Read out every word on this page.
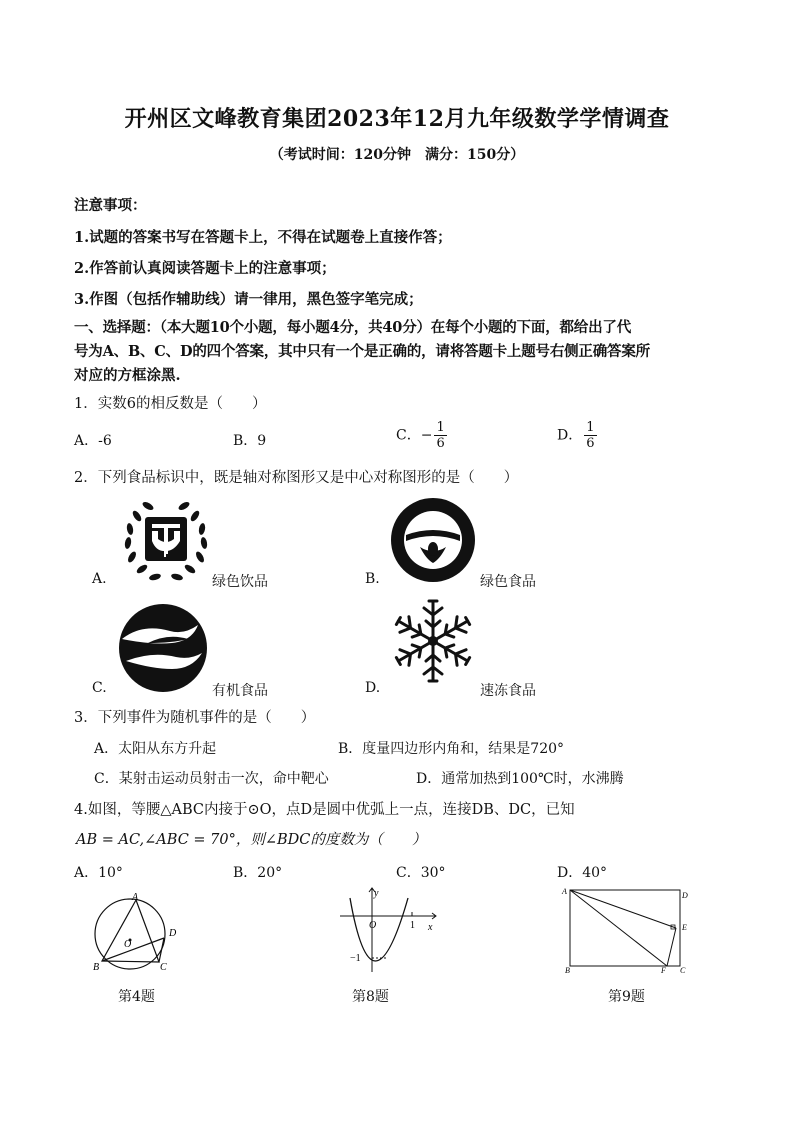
开州区文峰教育集团2023年12月九年级数学学情调查
（考试时间：120分钟　满分：150分）
注意事项：
1.试题的答案书写在答题卡上，不得在试题卷上直接作答；
2.作答前认真阅读答题卡上的注意事项；
3.作图（包括作辅助线）请一律用，黑色签字笔完成；
一、选择题：（本大题10个小题，每小题4分，共40分）在每个小题的下面，都给出了代
号为A、B、C、D的四个答案，其中只有一个是正确的，请将答题卡上题号右侧正确答案所
对应的方框涂黑.
1．实数6的相反数是（　　）
A．-6	B．9	C．− $\frac{1}{6}$	D． $\frac{1}{6}$
2．下列食品标识中，既是轴对称图形又是中心对称图形的是（　　）
A.	绿色饮品	B.	绿色食品
C.	有机食品	D.	速冻食品
3．下列事件为随机事件的是（　　）
A．太阳从东方升起	B．度量四边形内角和，结果是720°
C．某射击运动员射击一次，命中靶心	D．通常加热到100℃时，水沸腾
4.如图，等腰△ABC内接于⊙O，点D是圆中优弧上一点，连接DB、DC，已知
AB = AC,∠ABC = 70°，则∠BDC的度数为（　　）
A．10°	B．20°	C．30°	D．40°
A
B	C
D
O
第4题
y
x
O	1
−1
第8题
A	D
E
B	F C
第9题
